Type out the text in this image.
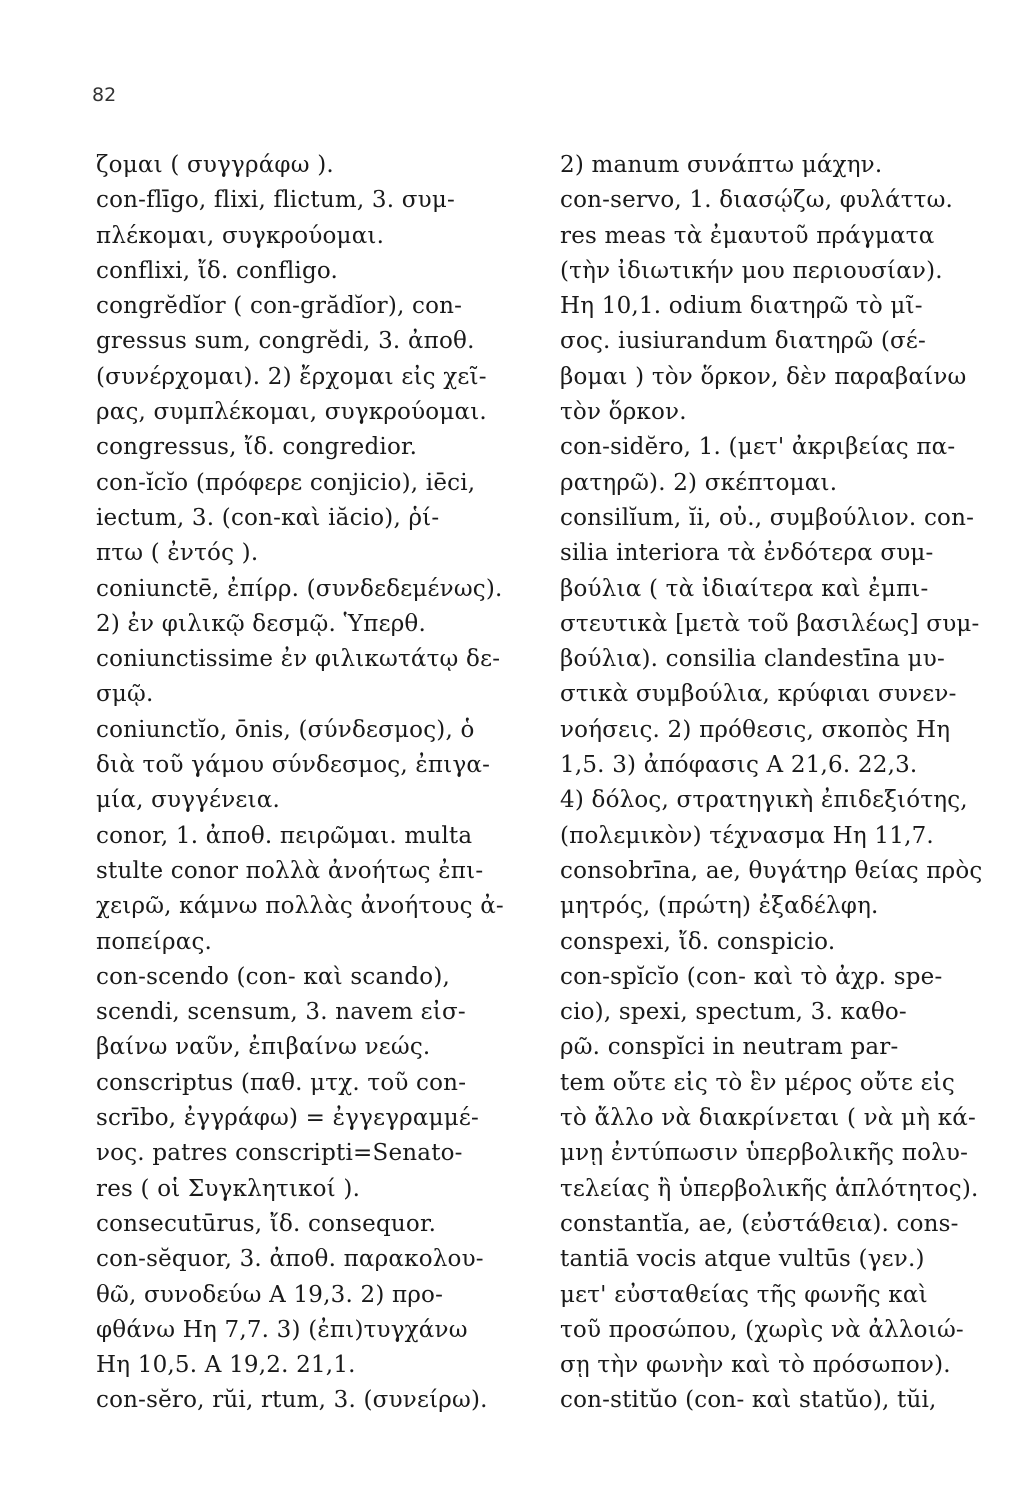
82
ζομαι ( συγγράφω ).
con-flīgo, flixi, flictum, 3. συμ-
πλέκομαι, συγκρούομαι.
conflixi, ἴδ. confligo.
congrĕdĭor ( con-grădĭor), con-
gressus sum, congrĕdi, 3. ἀποθ.
(συνέρχομαι). 2) ἔρχομαι εἰς χεῖ-
ρας, συμπλέκομαι, συγκρούομαι.
congressus, ἴδ. congredior.
con-ĭcĭo (πρόφερε conjicio), iēci,
iectum, 3. (con-καὶ iăcio), ῥί-
πτω ( ἐντός ).
coniunctē, ἐπίρρ. (συνδεδεμένως).
2) ἐν φιλικῷ δεσμῷ. Ὑπερθ.
coniunctissime ἐν φιλικωτάτῳ δε-
σμῷ.
coniunctĭo, ōnis, (σύνδεσμος), ὁ
διὰ τοῦ γάμου σύνδεσμος, ἐπιγα-
μία, συγγένεια.
conor, 1. ἀποθ. πειρῶμαι. multa
stulte conor πολλὰ ἀνοήτως ἐπι-
χειρῶ, κάμνω πολλὰς ἀνοήτους ἀ-
ποπείρας.
con-scendo (con- καὶ scando),
scendi, scensum, 3. navem εἰσ-
βαίνω ναῦν, ἐπιβαίνω νεώς.
conscriptus (παθ. μτχ. τοῦ con-
scrībo, ἐγγράφω) = ἐγγεγραμμέ-
νος. patres conscripti=Senato-
res ( οἱ Συγκλητικοί ).
consecutūrus, ἴδ. consequor.
con-sĕquor, 3. ἀποθ. παρακολου-
θῶ, συνοδεύω Α 19,3. 2) προ-
φθάνω Ηη 7,7. 3) (ἐπι)τυγχάνω
Ηη 10,5. Α 19,2. 21,1.
con-sĕro, rŭi, rtum, 3. (συνείρω).
2) manum συνάπτω μάχην.
con-servo, 1. διασῴζω, φυλάττω.
res meas τὰ ἐμαυτοῦ πράγματα
(τὴν ἰδιωτικήν μου περιουσίαν).
Ηη 10,1. odium διατηρῶ τὸ μῖ-
σος. iusiurandum διατηρῶ (σέ-
βομαι ) τὸν ὅρκον, δὲν παραβαίνω
τὸν ὅρκον.
con-sidĕro, 1. (μετ' ἀκριβείας πα-
ρατηρῶ). 2) σκέπτομαι.
consilĭum, ĭi, οὐ., συμβούλιον. con-
silia interiora τὰ ἐνδότερα συμ-
βούλια ( τὰ ἰδιαίτερα καὶ ἐμπι-
στευτικὰ [μετὰ τοῦ βασιλέως] συμ-
βούλια). consilia clandestīna μυ-
στικὰ συμβούλια, κρύφιαι συνεν-
νοήσεις. 2) πρόθεσις, σκοπὸς Ηη
1,5. 3) ἀπόφασις Α 21,6. 22,3.
4) δόλος, στρατηγικὴ ἐπιδεξιότης,
(πολεμικὸν) τέχνασμα Ηη 11,7.
consobrīna, ae, θυγάτηρ θείας πρὸς
μητρός, (πρώτη) ἐξαδέλφη.
conspexi, ἴδ. conspicio.
con-spĭcĭo (con- καὶ τὸ ἀχρ. spe-
cio), spexi, spectum, 3. καθο-
ρῶ. conspĭci in neutram par-
tem οὔτε εἰς τὸ ἓν μέρος οὔτε εἰς
τὸ ἄλλο νὰ διακρίνεται ( νὰ μὴ κά-
μνῃ ἐντύπωσιν ὑπερβολικῆς πολυ-
τελείας ἢ ὑπερβολικῆς ἁπλότητος).
constantĭa, ae, (εὐστάθεια). cons-
tantiā vocis atque vultūs (γεν.)
μετ' εὐσταθείας τῆς φωνῆς καὶ
τοῦ προσώπου, (χωρὶς νὰ ἀλλοιώ-
σῃ τὴν φωνὴν καὶ τὸ πρόσωπον).
con-stitŭo (con- καὶ statŭo), tŭi,
